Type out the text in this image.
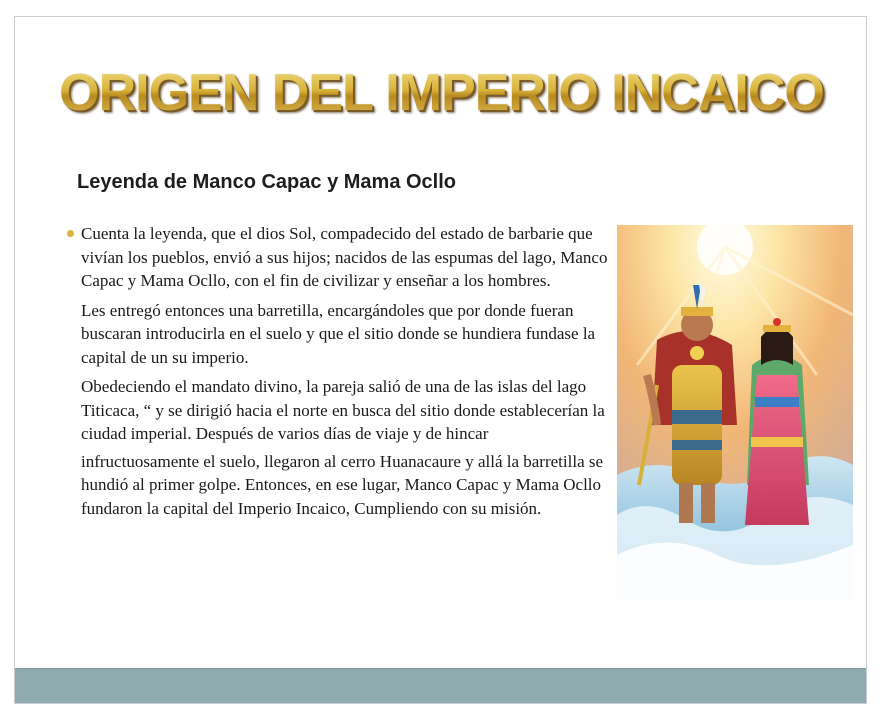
ORIGEN DEL IMPERIO INCAICO
Leyenda de Manco Capac y Mama Ocllo

Cuenta la leyenda, que el dios Sol, compadecido del estado de barbarie que vivían los pueblos, envió a sus hijos; nacidos de las espumas del lago, Manco Capac y Mama Ocllo, con el fin de civilizar y enseñar a los hombres.

Les entregó entonces una barretilla, encargándoles que por donde fueran buscaran introducirla en el suelo y que el sitio donde se hundiera fundase la capital de un su imperio.

Obedeciendo el mandato divino, la pareja salió de una de las islas del lago Titicaca, “ y se dirigió hacia el norte en busca del sitio donde establecerían la ciudad imperial. Después de varios días de viaje y de hincar

infructuosamente el suelo, llegaron al cerro Huanacaure y allá la barretilla se hundió al primer golpe. Entonces, en ese lugar, Manco Capac y Mama Ocllo fundaron la capital del Imperio Incaico, Cumpliendo con su misión.
